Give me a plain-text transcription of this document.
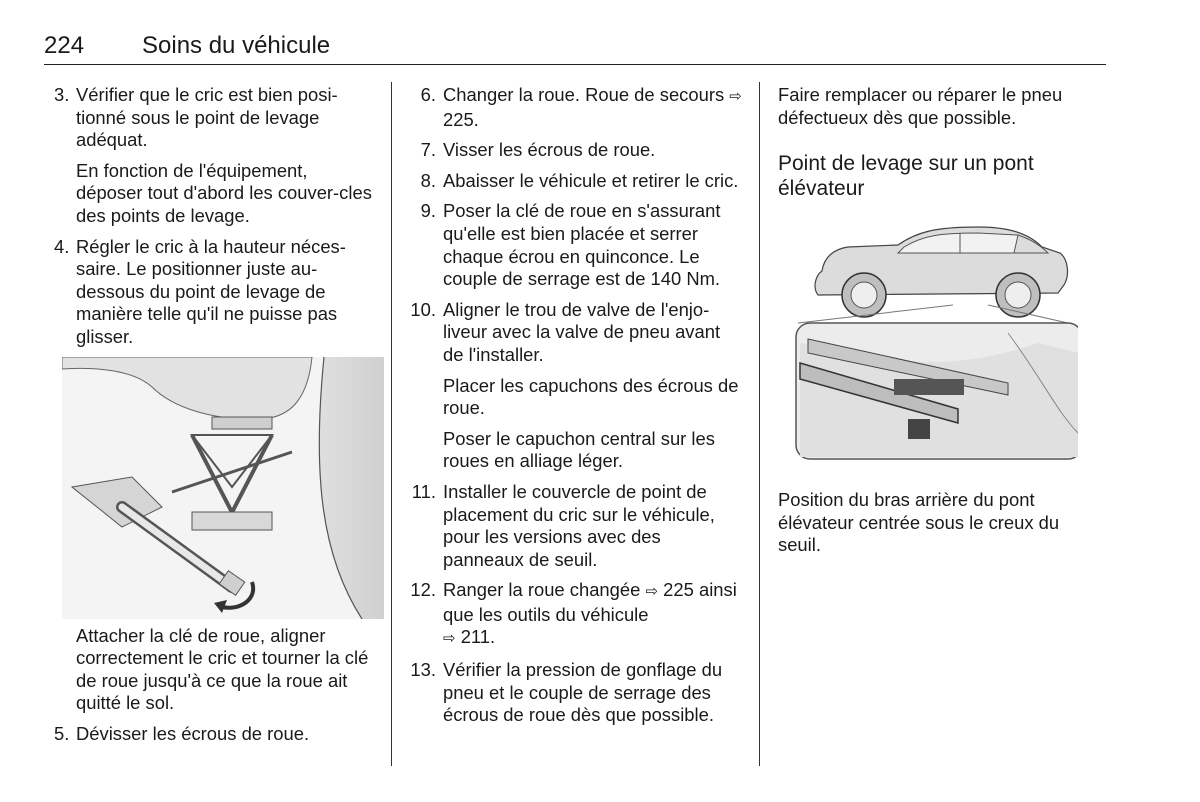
224 Soins du véhicule
3. Vérifier que le cric est bien posi-tionné sous le point de levage adéquat.
En fonction de l'équipement, déposer tout d'abord les couver-cles des points de levage.
4. Régler le cric à la hauteur néces-saire. Le positionner juste au-dessous du point de levage de manière telle qu'il ne puisse pas glisser.
Attacher la clé de roue, aligner correctement le cric et tourner la clé de roue jusqu'à ce que la roue ait quitté le sol.
5. Dévisser les écrous de roue.
6. Changer la roue. Roue de secours ⇨ 225.
7. Visser les écrous de roue.
8. Abaisser le véhicule et retirer le cric.
9. Poser la clé de roue en s'assurant qu'elle est bien placée et serrer chaque écrou en quinconce. Le couple de serrage est de 140 Nm.
10. Aligner le trou de valve de l'enjo-liveur avec la valve de pneu avant de l'installer.
Placer les capuchons des écrous de roue.
Poser le capuchon central sur les roues en alliage léger.
11. Installer le couvercle de point de placement du cric sur le véhicule, pour les versions avec des panneaux de seuil.
12. Ranger la roue changée ⇨ 225 ainsi que les outils du véhicule
⇨ 211.
13. Vérifier la pression de gonflage du pneu et le couple de serrage des écrous de roue dès que possible.
Faire remplacer ou réparer le pneu défectueux dès que possible.
Point de levage sur un pont élévateur
Position du bras arrière du pont élévateur centrée sous le creux du seuil.
